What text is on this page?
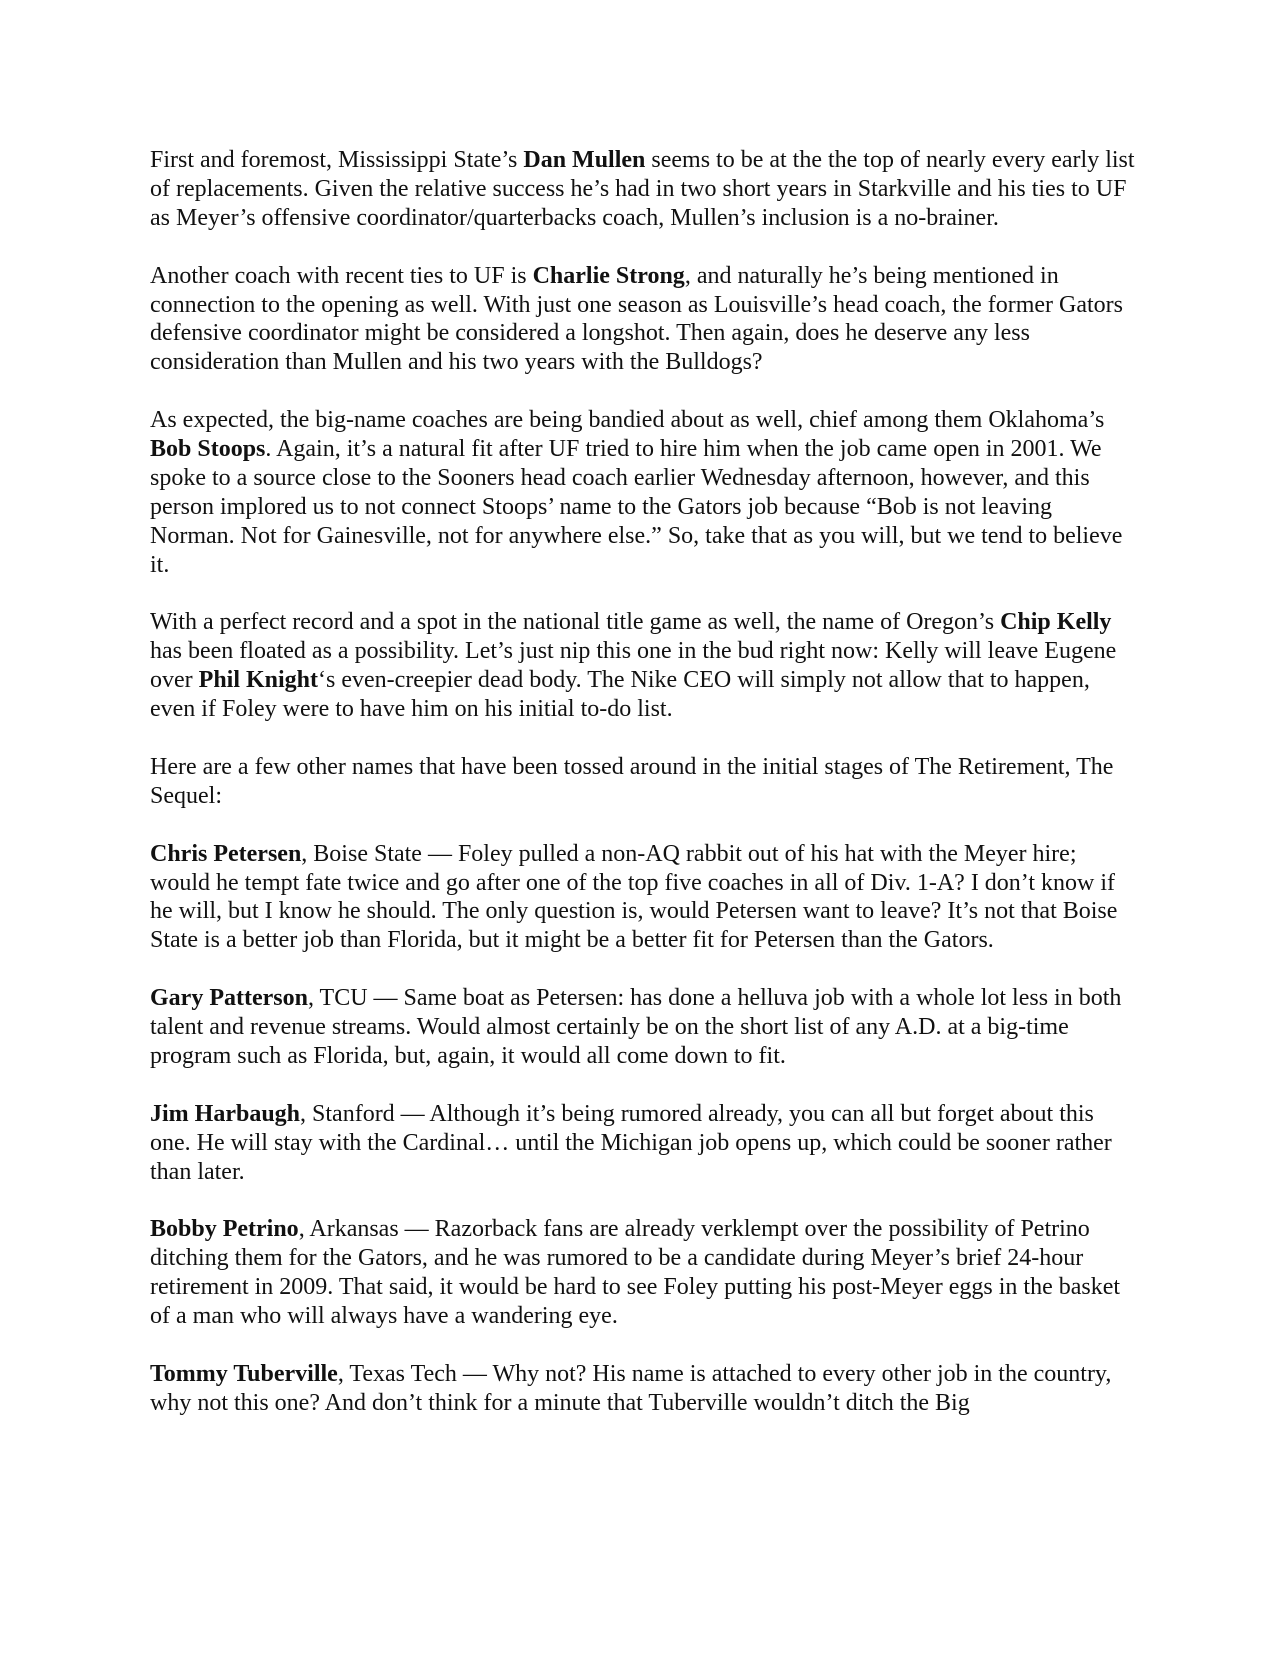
First and foremost, Mississippi State’s Dan Mullen seems to be at the the top of nearly every early list of replacements. Given the relative success he’s had in two short years in Starkville and his ties to UF as Meyer’s offensive coordinator/quarterbacks coach, Mullen’s inclusion is a no-brainer.

Another coach with recent ties to UF is Charlie Strong, and naturally he’s being mentioned in connection to the opening as well. With just one season as Louisville’s head coach, the former Gators defensive coordinator might be considered a longshot. Then again, does he deserve any less consideration than Mullen and his two years with the Bulldogs?

As expected, the big-name coaches are being bandied about as well, chief among them Oklahoma’s Bob Stoops. Again, it’s a natural fit after UF tried to hire him when the job came open in 2001. We spoke to a source close to the Sooners head coach earlier Wednesday afternoon, however, and this person implored us to not connect Stoops’ name to the Gators job because “Bob is not leaving Norman. Not for Gainesville, not for anywhere else.” So, take that as you will, but we tend to believe it.

With a perfect record and a spot in the national title game as well, the name of Oregon’s Chip Kelly has been floated as a possibility. Let’s just nip this one in the bud right now: Kelly will leave Eugene over Phil Knight‘s even-creepier dead body. The Nike CEO will simply not allow that to happen, even if Foley were to have him on his initial to-do list.

Here are a few other names that have been tossed around in the initial stages of The Retirement, The Sequel:

Chris Petersen, Boise State — Foley pulled a non-AQ rabbit out of his hat with the Meyer hire; would he tempt fate twice and go after one of the top five coaches in all of Div. 1-A? I don’t know if he will, but I know he should. The only question is, would Petersen want to leave? It’s not that Boise State is a better job than Florida, but it might be a better fit for Petersen than the Gators.

Gary Patterson, TCU — Same boat as Petersen: has done a helluva job with a whole lot less in both talent and revenue streams. Would almost certainly be on the short list of any A.D. at a big-time program such as Florida, but, again, it would all come down to fit.

Jim Harbaugh, Stanford — Although it’s being rumored already, you can all but forget about this one. He will stay with the Cardinal… until the Michigan job opens up, which could be sooner rather than later.

Bobby Petrino, Arkansas — Razorback fans are already verklempt over the possibility of Petrino ditching them for the Gators, and he was rumored to be a candidate during Meyer’s brief 24-hour retirement in 2009. That said, it would be hard to see Foley putting his post-Meyer eggs in the basket of a man who will always have a wandering eye.

Tommy Tuberville, Texas Tech — Why not? His name is attached to every other job in the country, why not this one? And don’t think for a minute that Tuberville wouldn’t ditch the Big
